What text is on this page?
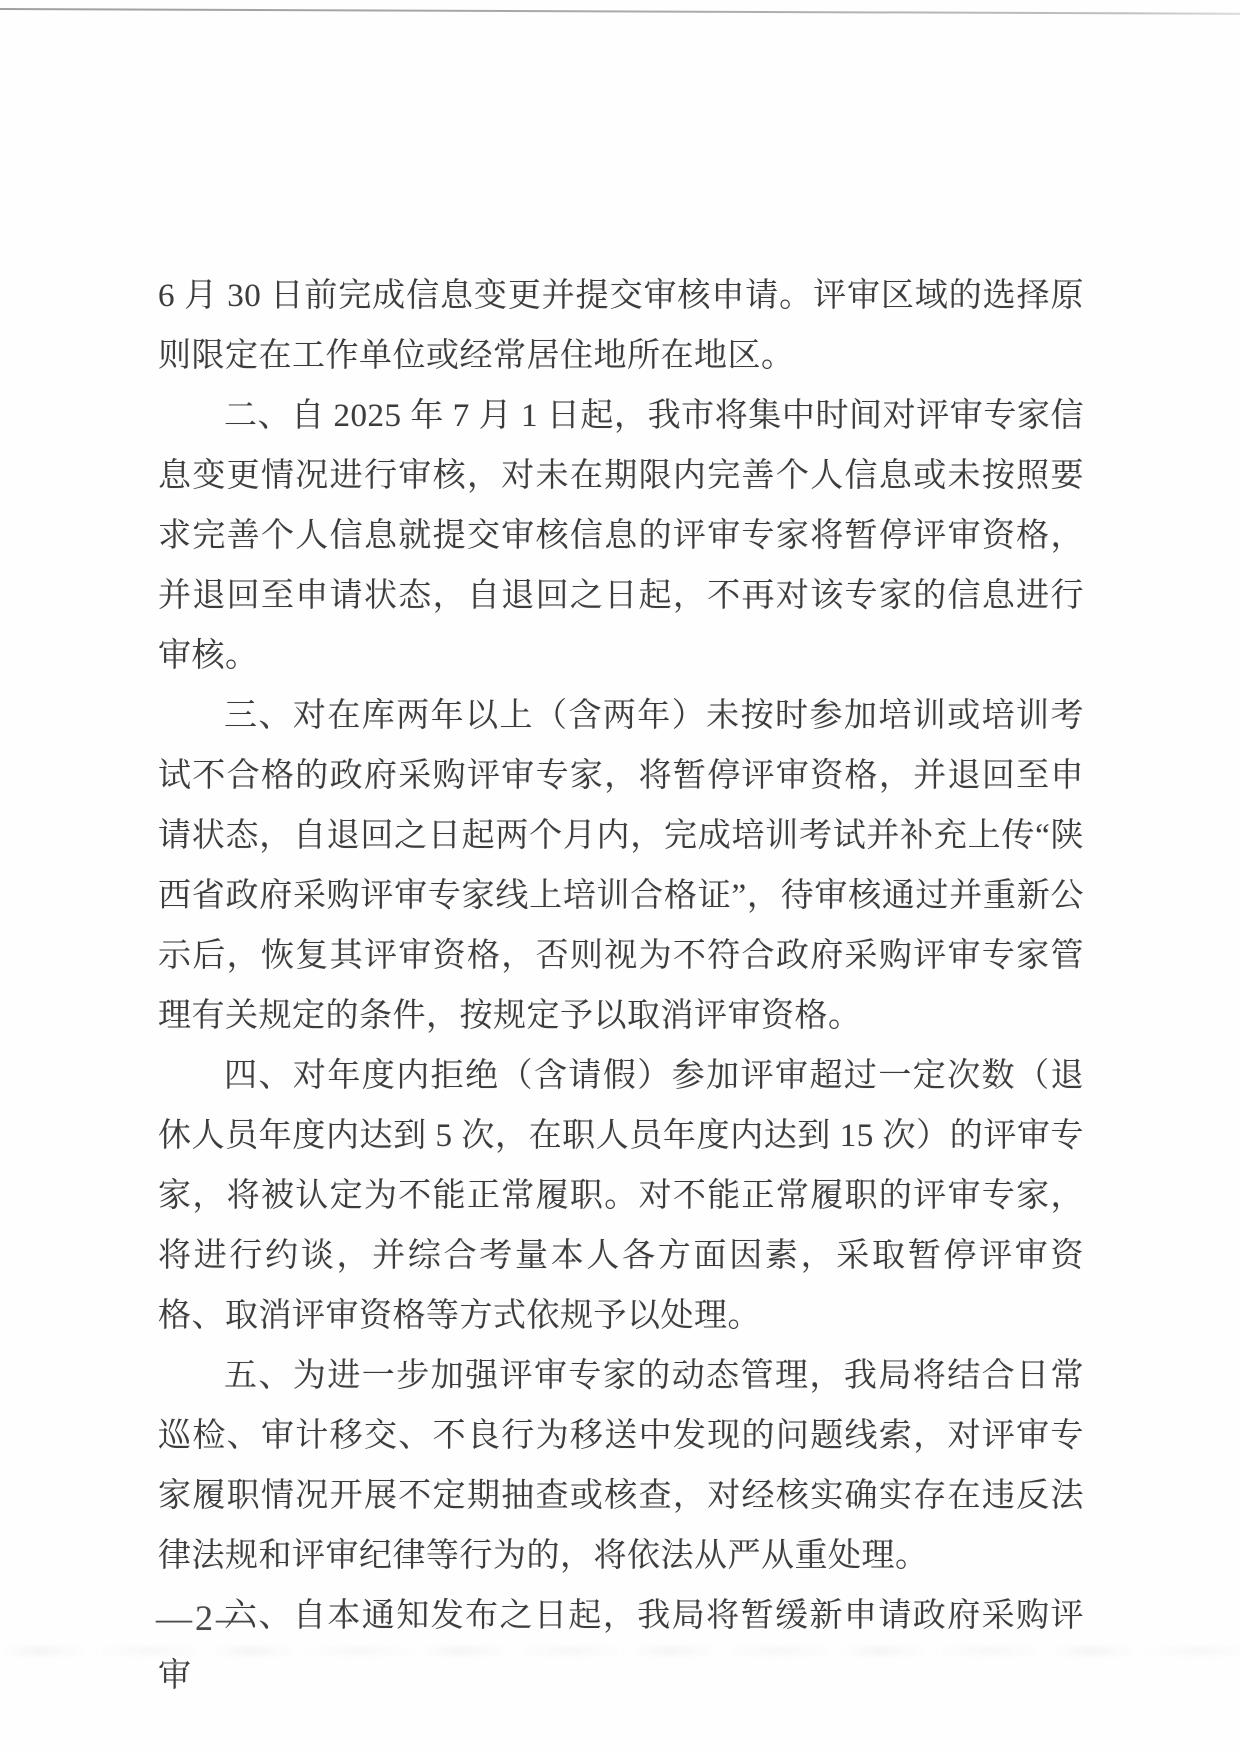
6 月 30 日前完成信息变更并提交审核申请。评审区域的选择原则限定在工作单位或经常居住地所在地区。

二、自 2025 年 7 月 1 日起，我市将集中时间对评审专家信息变更情况进行审核，对未在期限内完善个人信息或未按照要求完善个人信息就提交审核信息的评审专家将暂停评审资格，并退回至申请状态，自退回之日起，不再对该专家的信息进行审核。

三、对在库两年以上（含两年）未按时参加培训或培训考试不合格的政府采购评审专家，将暂停评审资格，并退回至申请状态，自退回之日起两个月内，完成培训考试并补充上传“陕西省政府采购评审专家线上培训合格证”，待审核通过并重新公示后，恢复其评审资格，否则视为不符合政府采购评审专家管理有关规定的条件，按规定予以取消评审资格。

四、对年度内拒绝（含请假）参加评审超过一定次数（退休人员年度内达到 5 次，在职人员年度内达到 15 次）的评审专家，将被认定为不能正常履职。对不能正常履职的评审专家，将进行约谈，并综合考量本人各方面因素，采取暂停评审资格、取消评审资格等方式依规予以处理。

五、为进一步加强评审专家的动态管理，我局将结合日常巡检、审计移交、不良行为移送中发现的问题线索，对评审专家履职情况开展不定期抽查或核查，对经核实确实存在违反法律法规和评审纪律等行为的，将依法从严从重处理。

六、自本通知发布之日起，我局将暂缓新申请政府采购评审

—2—
